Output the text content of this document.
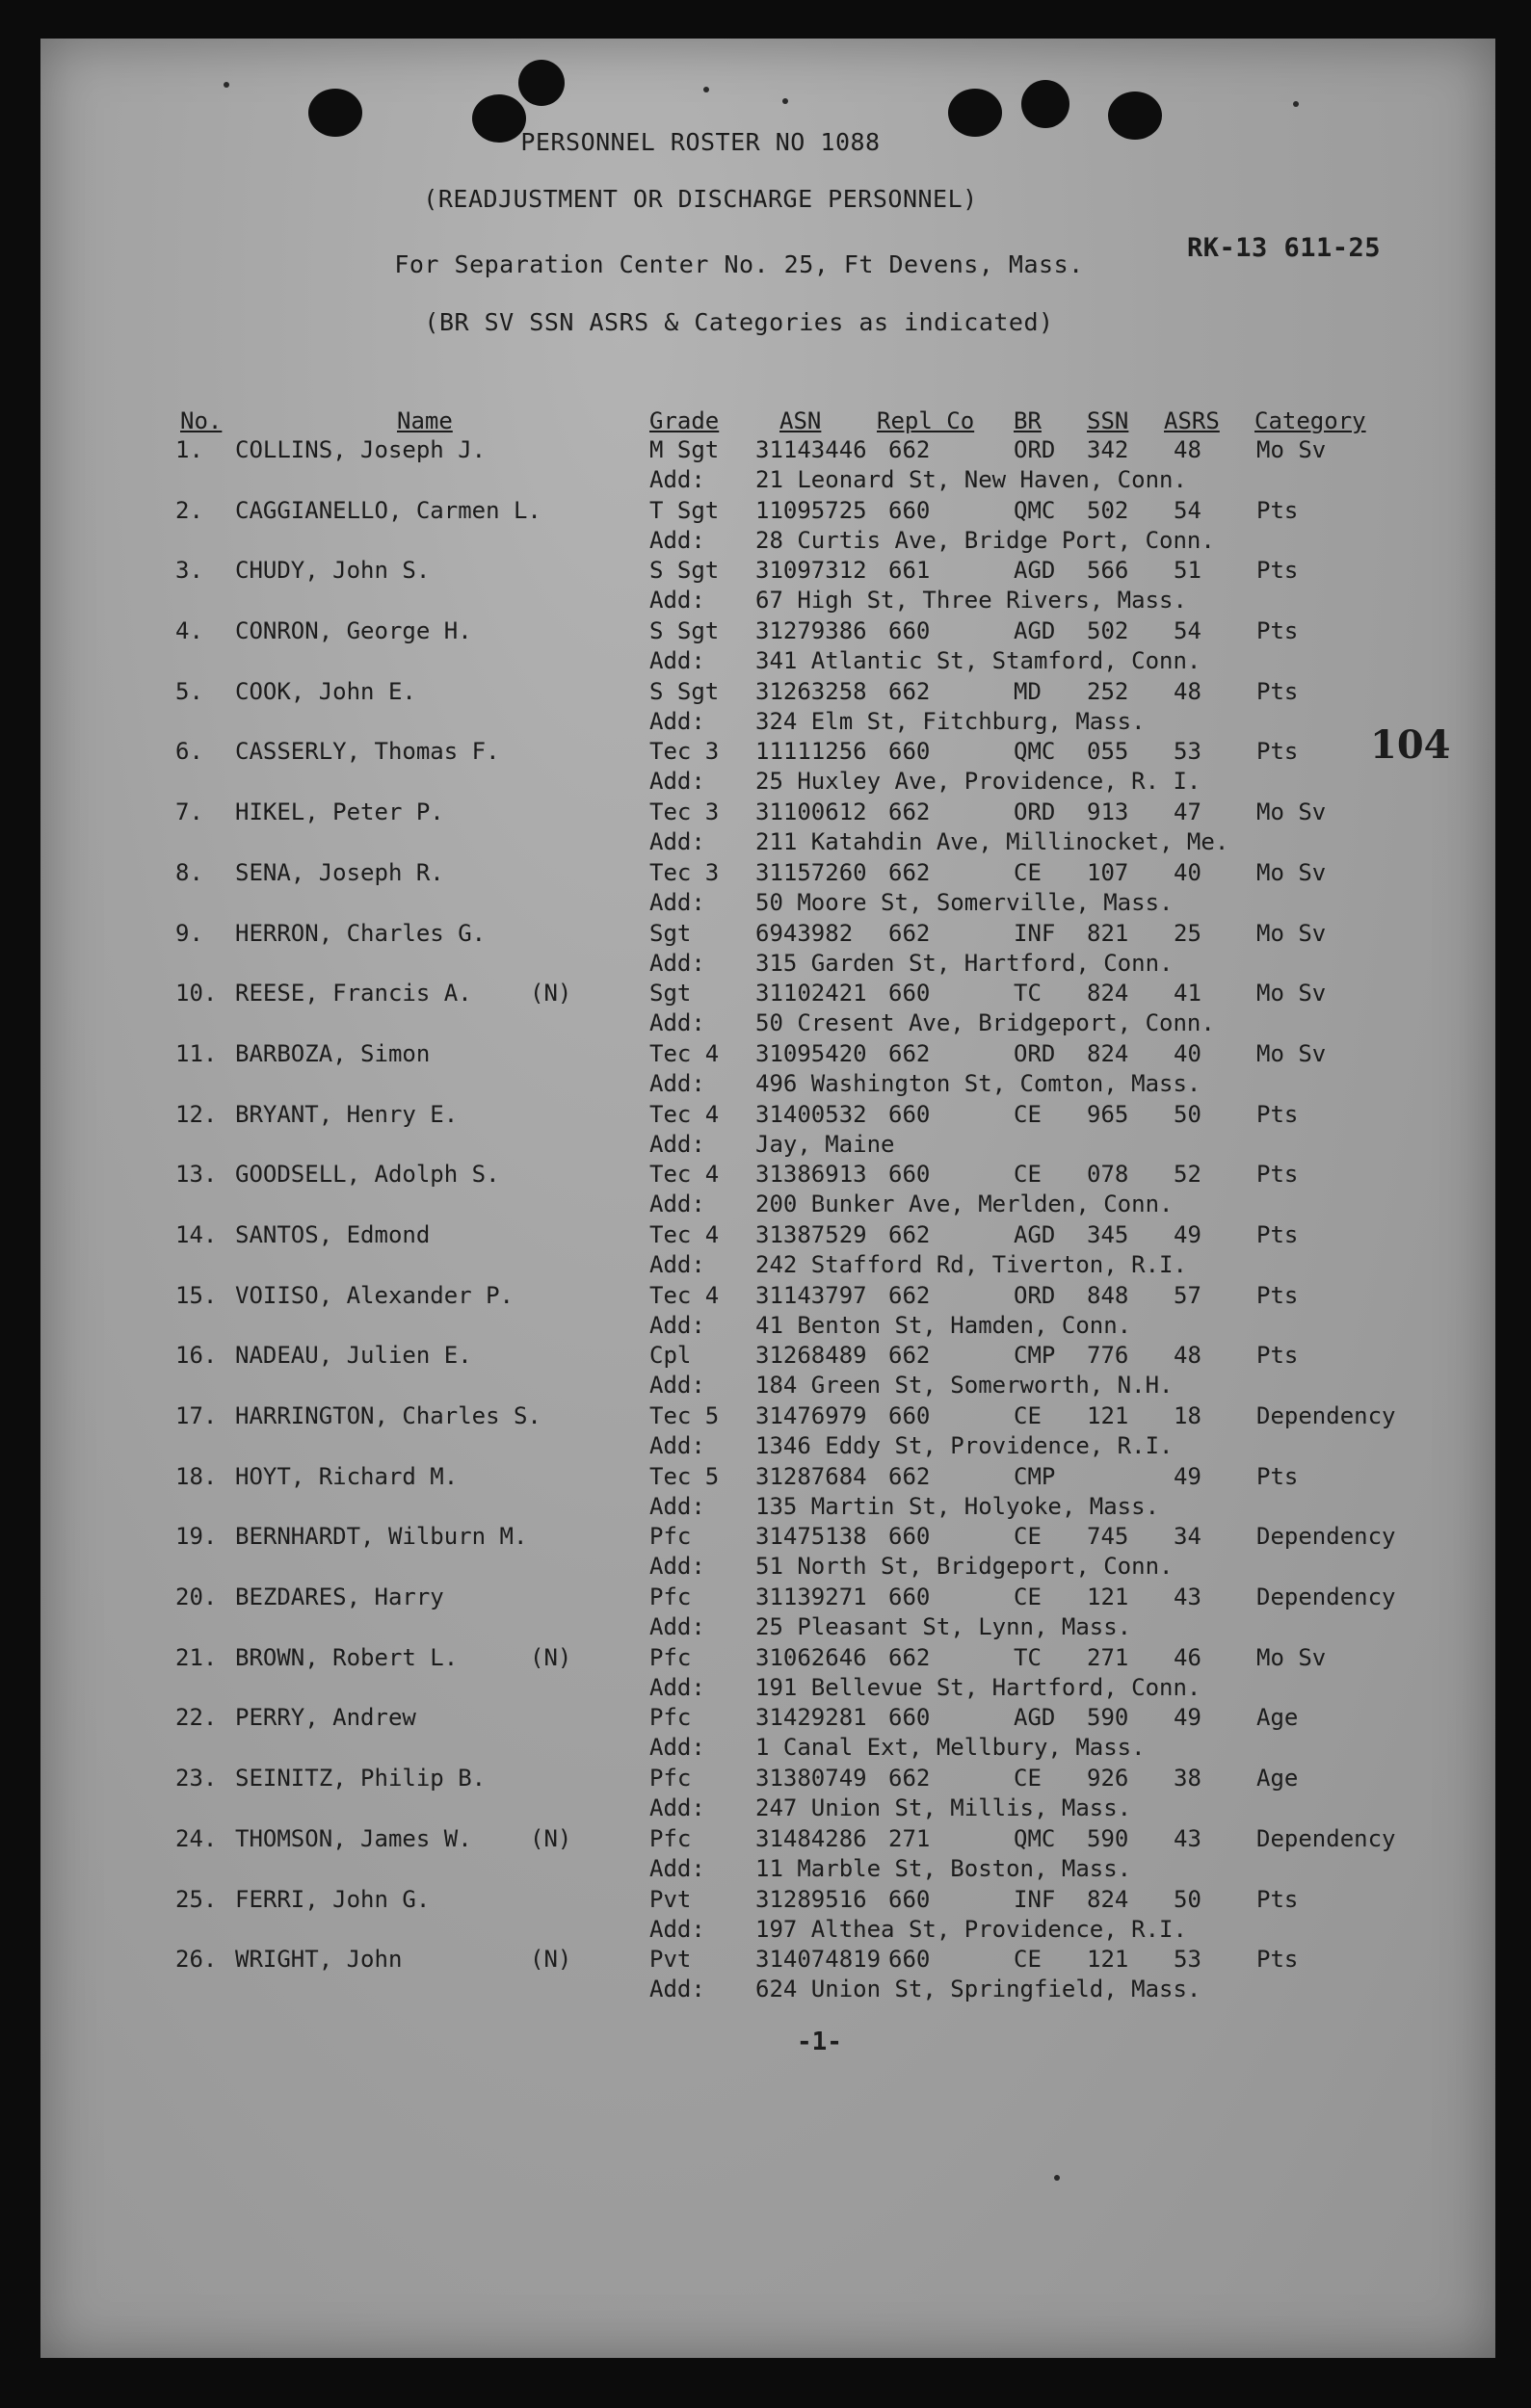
PERSONNEL ROSTER NO 1088
(READJUSTMENT OR DISCHARGE PERSONNEL)
RK-13 611-25
For Separation Center No. 25, Ft Devens, Mass.
(BR SV SSN ASRS & Categories as indicated)
104
No.	Name	Grade	ASN Repl Co BR SSN ASRS Category
1. COLLINS, Joseph J.	M Sgt 31143446 662	ORD 342 48 Mo Sv
Add: 21 Leonard St, New Haven, Conn.
2. CAGGIANELLO, Carmen L.	T Sgt 11095725 660	QMC 502 54 Pts
Add: 28 Curtis Ave, Bridge Port, Conn.
3. CHUDY, John S.	S Sgt 31097312 661	AGD 566 51 Pts
Add: 67 High St, Three Rivers, Mass.
4. CONRON, George H.	S Sgt 31279386 660	AGD 502 54 Pts
Add: 341 Atlantic St, Stamford, Conn.
5. COOK, John E.	S Sgt 31263258 662	MD 252 48 Pts
Add: 324 Elm St, Fitchburg, Mass.
6. CASSERLY, Thomas F.	Tec 3 11111256 660	QMC 055 53 Pts
Add: 25 Huxley Ave, Providence, R. I.
7. HIKEL, Peter P.	Tec 3 31100612 662	ORD 913 47 Mo Sv
Add: 211 Katahdin Ave, Millinocket, Me.
8. SENA, Joseph R.	Tec 3 31157260 662	CE 107 40 Mo Sv
Add: 50 Moore St, Somerville, Mass.
9. HERRON, Charles G.	Sgt	6943982 662	INF 821 25 Mo Sv
Add: 315 Garden St, Hartford, Conn.
10. REESE, Francis A.	(N)	Sgt	31102421 660	TC 824 41 Mo Sv
Add: 50 Cresent Ave, Bridgeport, Conn.
11. BARBOZA, Simon	Tec 4 31095420 662	ORD 824 40 Mo Sv
Add: 496 Washington St, Comton, Mass.
12. BRYANT, Henry E.	Tec 4 31400532 660	CE 965 50 Pts
Add: Jay, Maine
13. GOODSELL, Adolph S.	Tec 4 31386913 660	CE 078 52 Pts
Add: 200 Bunker Ave, Merlden, Conn.
14. SANTOS, Edmond	Tec 4 31387529 662	AGD 345 49 Pts
Add: 242 Stafford Rd, Tiverton, R.I.
15. VOIISO, Alexander P.	Tec 4 31143797 662	ORD 848 57 Pts
Add: 41 Benton St, Hamden, Conn.
16. NADEAU, Julien E.	Cpl	31268489 662	CMP 776 48 Pts
Add: 184 Green St, Somerworth, N.H.
17. HARRINGTON, Charles S.	Tec 5 31476979 660	CE 121 18 Dependency
Add: 1346 Eddy St, Providence, R.I.
18. HOYT, Richard M.	Tec 5 31287684 662	CMP	49 Pts
Add: 135 Martin St, Holyoke, Mass.
19. BERNHARDT, Wilburn M.	Pfc	31475138 660	CE 745 34 Dependency
Add: 51 North St, Bridgeport, Conn.
20. BEZDARES, Harry	Pfc	31139271 660	CE 121 43 Dependency
Add: 25 Pleasant St, Lynn, Mass.
21. BROWN, Robert L.	(N)	Pfc	31062646 662	TC 271 46 Mo Sv
Add: 191 Bellevue St, Hartford, Conn.
22. PERRY, Andrew	Pfc	31429281 660	AGD 590 49 Age
Add: 1 Canal Ext, Mellbury, Mass.
23. SEINITZ, Philip B.	Pfc	31380749 662	CE 926 38 Age
Add: 247 Union St, Millis, Mass.
24. THOMSON, James W.	(N)	Pfc	31484286 271	QMC 590 43 Dependency
Add: 11 Marble St, Boston, Mass.
25. FERRI, John G.	Pvt	31289516 660	INF 824 50 Pts
Add: 197 Althea St, Providence, R.I.
26. WRIGHT, John	(N)	Pvt	314074819 660	CE 121 53 Pts
Add: 624 Union St, Springfield, Mass.
-1-
